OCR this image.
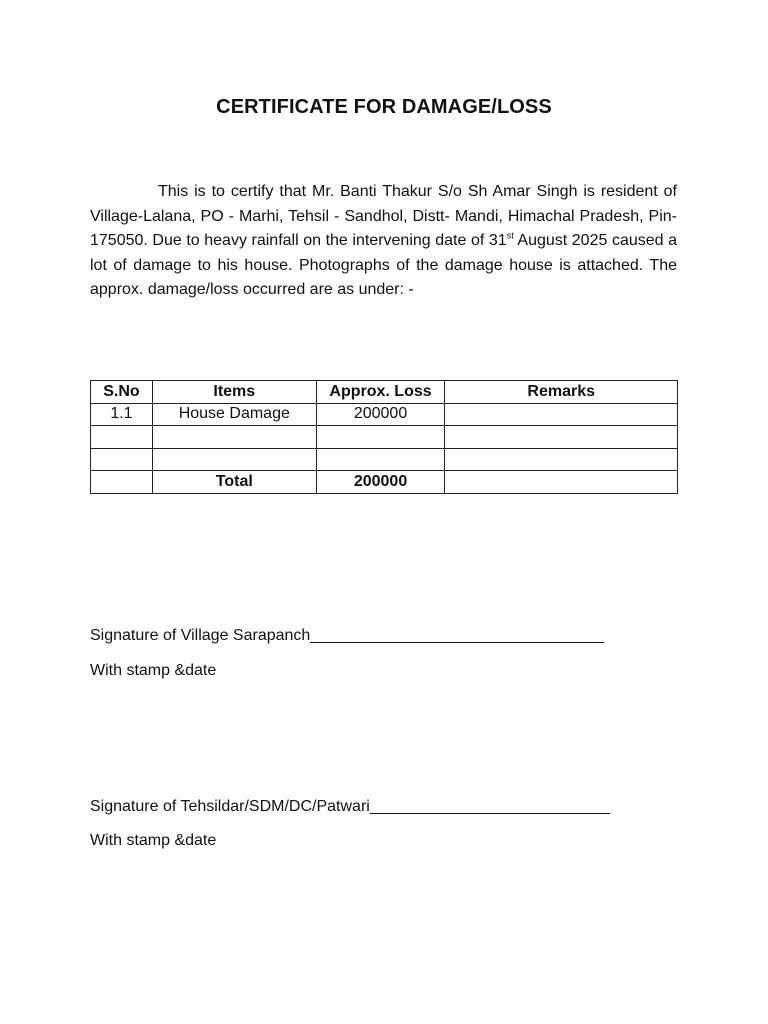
CERTIFICATE FOR DAMAGE/LOSS
This is to certify that Mr. Banti Thakur S/o Sh Amar Singh is resident of Village-Lalana, PO - Marhi, Tehsil - Sandhol, Distt- Mandi, Himachal Pradesh, Pin-175050. Due to heavy rainfall on the intervening date of 31st August 2025 caused a lot of damage to his house. Photographs of the damage house is attached. The approx. damage/loss occurred are as under: -
S.No	Items	Approx. Loss	Remarks
1.1	House Damage	200000	

	Total	200000	
Signature of Village Sarapanch_________________________________
With stamp &date
Signature of Tehsildar/SDM/DC/Patwari___________________________
With stamp &date
